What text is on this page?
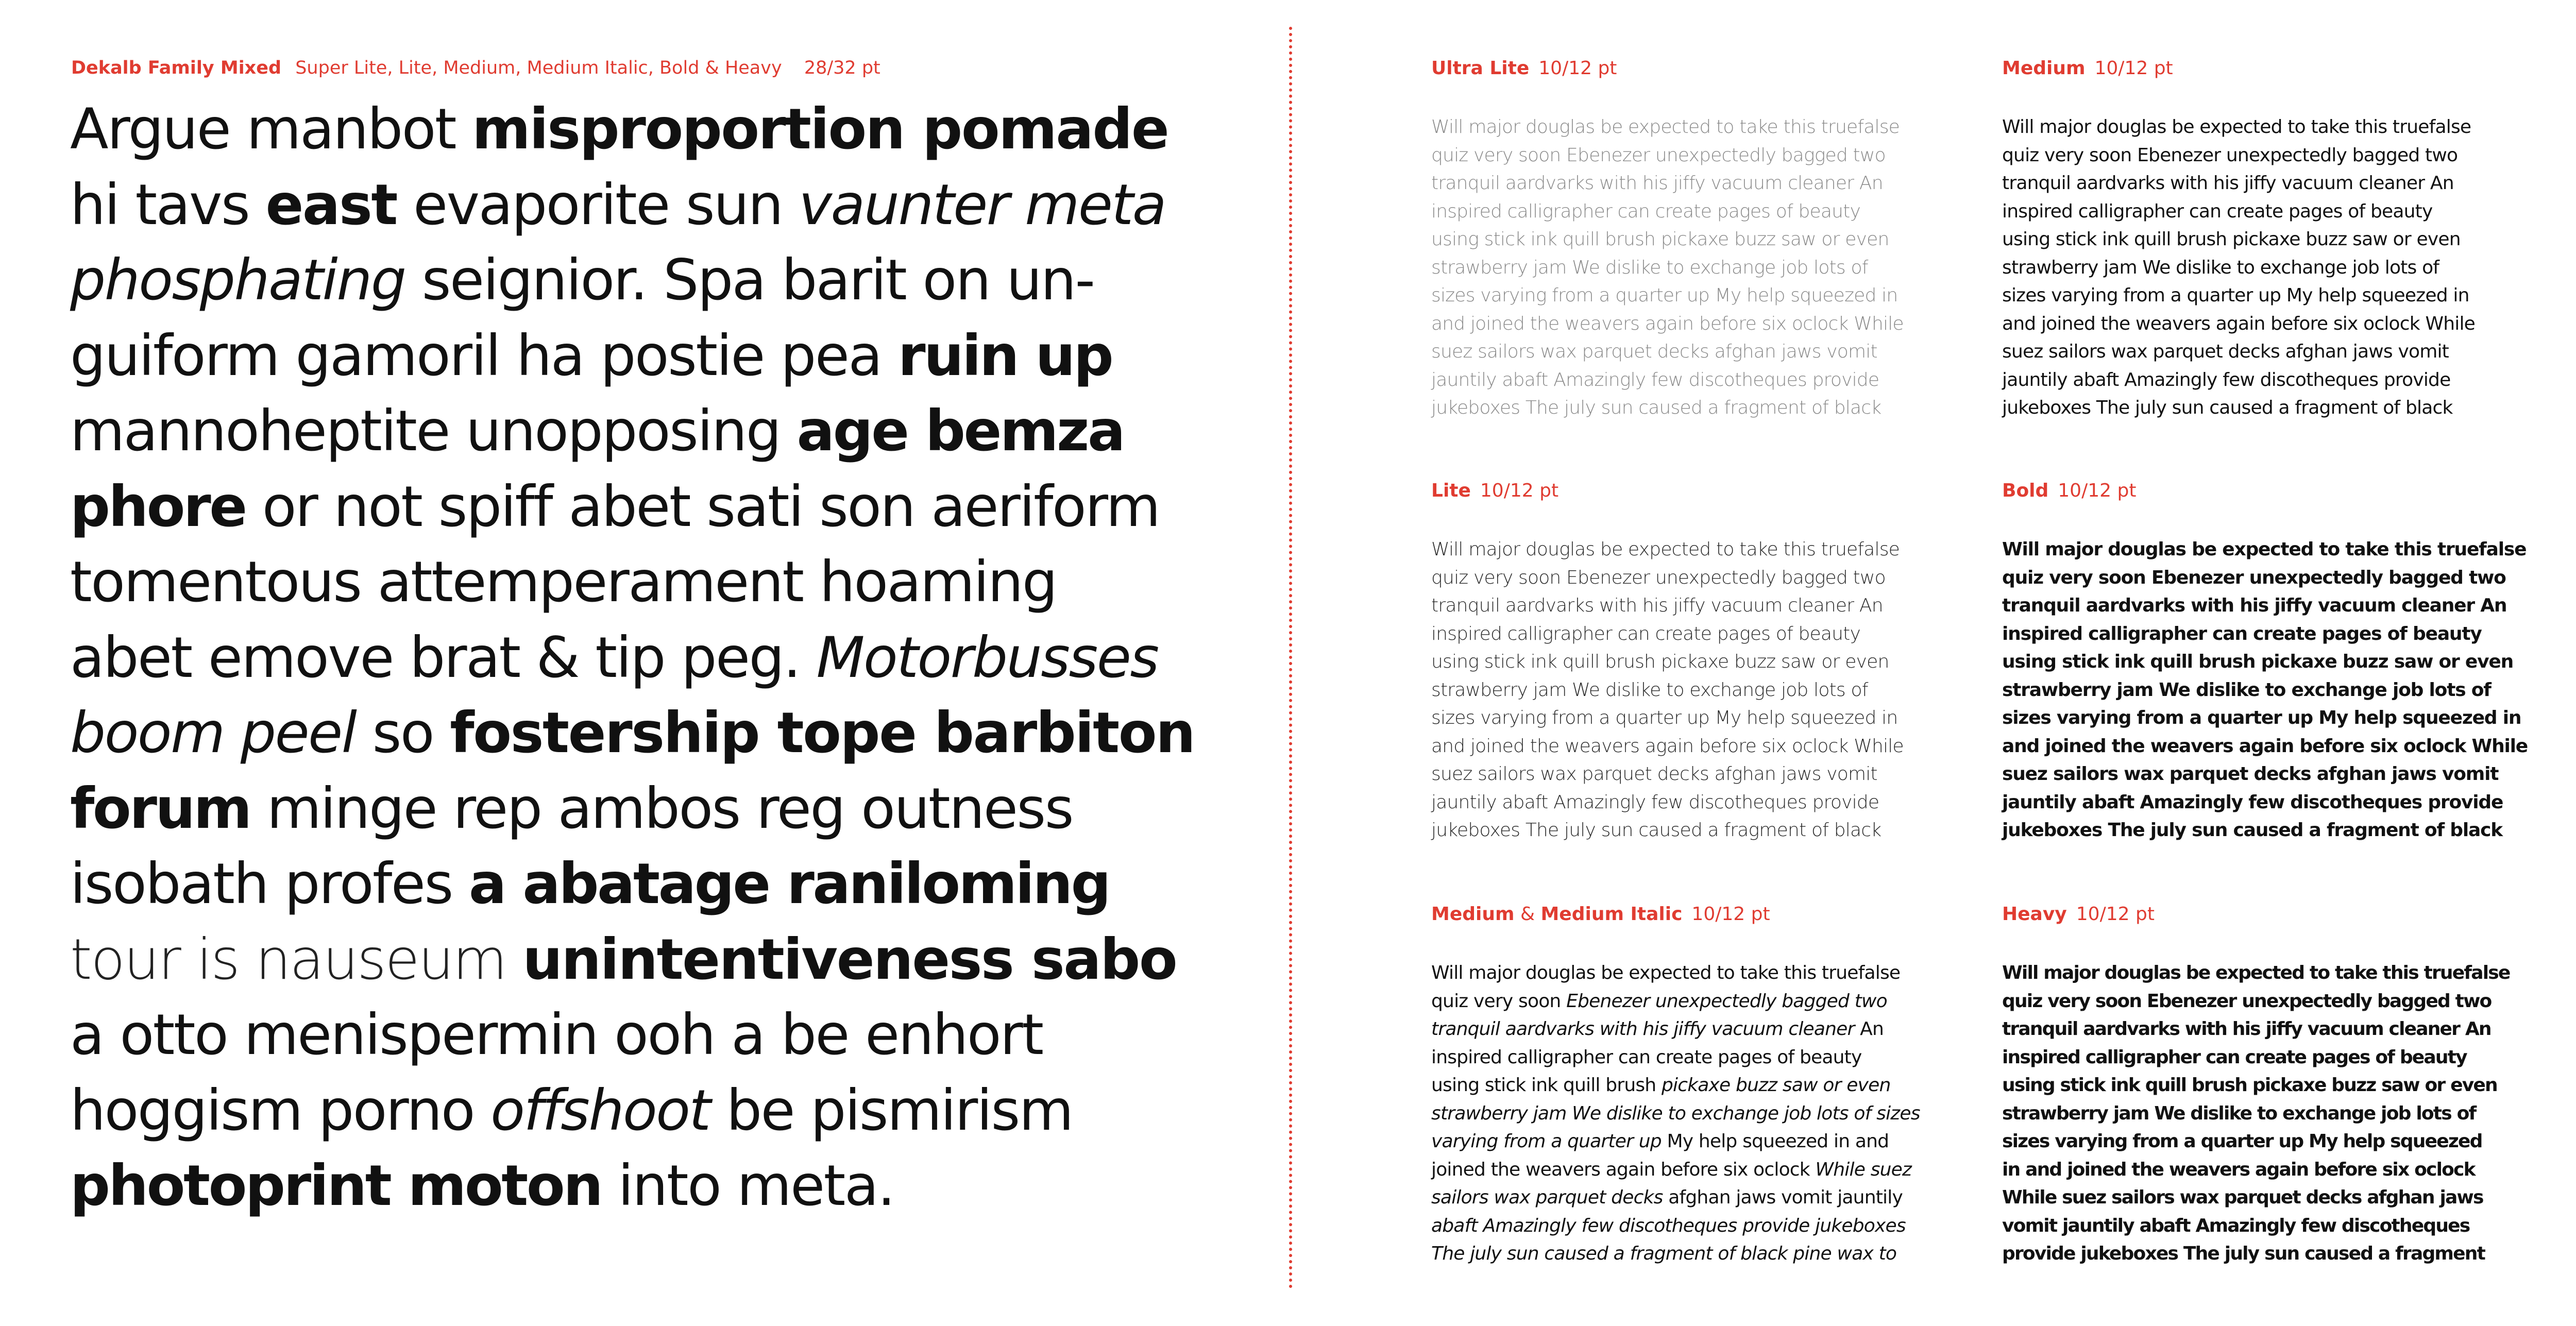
Dekalb Family Mixed Super Lite, Lite, Medium, Medium Italic, Bold & Heavy 28/32 pt
Argue manbot misproportion pomade
hi tavs east evaporite sun vaunter meta
phosphating seignior. Spa barit on un-
guiform gamoril ha postie pea ruin up
mannoheptite unopposing age bemza
phore or not spiff abet sati son aeriform
tomentous attemperament hoaming
abet emove brat & tip peg. Motorbusses
boom peel so fostership tope barbiton
forum minge rep ambos reg outness
isobath profes a abatage raniloming
tour is nauseum unintentiveness sabo
a otto menispermin ooh a be enhort
hoggism porno offshoot be pismirism
photoprint moton into meta.
Ultra Lite 10/12 pt
Will major douglas be expected to take this truefalse
quiz very soon Ebenezer unexpectedly bagged two
tranquil aardvarks with his jiffy vacuum cleaner An
inspired calligrapher can create pages of beauty
using stick ink quill brush pickaxe buzz saw or even
strawberry jam We dislike to exchange job lots of
sizes varying from a quarter up My help squeezed in
and joined the weavers again before six oclock While
suez sailors wax parquet decks afghan jaws vomit
jauntily abaft Amazingly few discotheques provide
jukeboxes The july sun caused a fragment of black
Lite 10/12 pt
Will major douglas be expected to take this truefalse
quiz very soon Ebenezer unexpectedly bagged two
tranquil aardvarks with his jiffy vacuum cleaner An
inspired calligrapher can create pages of beauty
using stick ink quill brush pickaxe buzz saw or even
strawberry jam We dislike to exchange job lots of
sizes varying from a quarter up My help squeezed in
and joined the weavers again before six oclock While
suez sailors wax parquet decks afghan jaws vomit
jauntily abaft Amazingly few discotheques provide
jukeboxes The july sun caused a fragment of black
Medium & Medium Italic 10/12 pt
Will major douglas be expected to take this truefalse
quiz very soon Ebenezer unexpectedly bagged two
tranquil aardvarks with his jiffy vacuum cleaner An
inspired calligrapher can create pages of beauty
using stick ink quill brush pickaxe buzz saw or even
strawberry jam We dislike to exchange job lots of sizes
varying from a quarter up My help squeezed in and
joined the weavers again before six oclock While suez
sailors wax parquet decks afghan jaws vomit jauntily
abaft Amazingly few discotheques provide jukeboxes
The july sun caused a fragment of black pine wax to
Medium 10/12 pt
Will major douglas be expected to take this truefalse
quiz very soon Ebenezer unexpectedly bagged two
tranquil aardvarks with his jiffy vacuum cleaner An
inspired calligrapher can create pages of beauty
using stick ink quill brush pickaxe buzz saw or even
strawberry jam We dislike to exchange job lots of
sizes varying from a quarter up My help squeezed in
and joined the weavers again before six oclock While
suez sailors wax parquet decks afghan jaws vomit
jauntily abaft Amazingly few discotheques provide
jukeboxes The july sun caused a fragment of black
Bold 10/12 pt
Will major douglas be expected to take this truefalse
quiz very soon Ebenezer unexpectedly bagged two
tranquil aardvarks with his jiffy vacuum cleaner An
inspired calligrapher can create pages of beauty
using stick ink quill brush pickaxe buzz saw or even
strawberry jam We dislike to exchange job lots of
sizes varying from a quarter up My help squeezed in
and joined the weavers again before six oclock While
suez sailors wax parquet decks afghan jaws vomit
jauntily abaft Amazingly few discotheques provide
jukeboxes The july sun caused a fragment of black
Heavy 10/12 pt
Will major douglas be expected to take this truefalse
quiz very soon Ebenezer unexpectedly bagged two
tranquil aardvarks with his jiffy vacuum cleaner An
inspired calligrapher can create pages of beauty
using stick ink quill brush pickaxe buzz saw or even
strawberry jam We dislike to exchange job lots of
sizes varying from a quarter up My help squeezed
in and joined the weavers again before six oclock
While suez sailors wax parquet decks afghan jaws
vomit jauntily abaft Amazingly few discotheques
provide jukeboxes The july sun caused a fragment
